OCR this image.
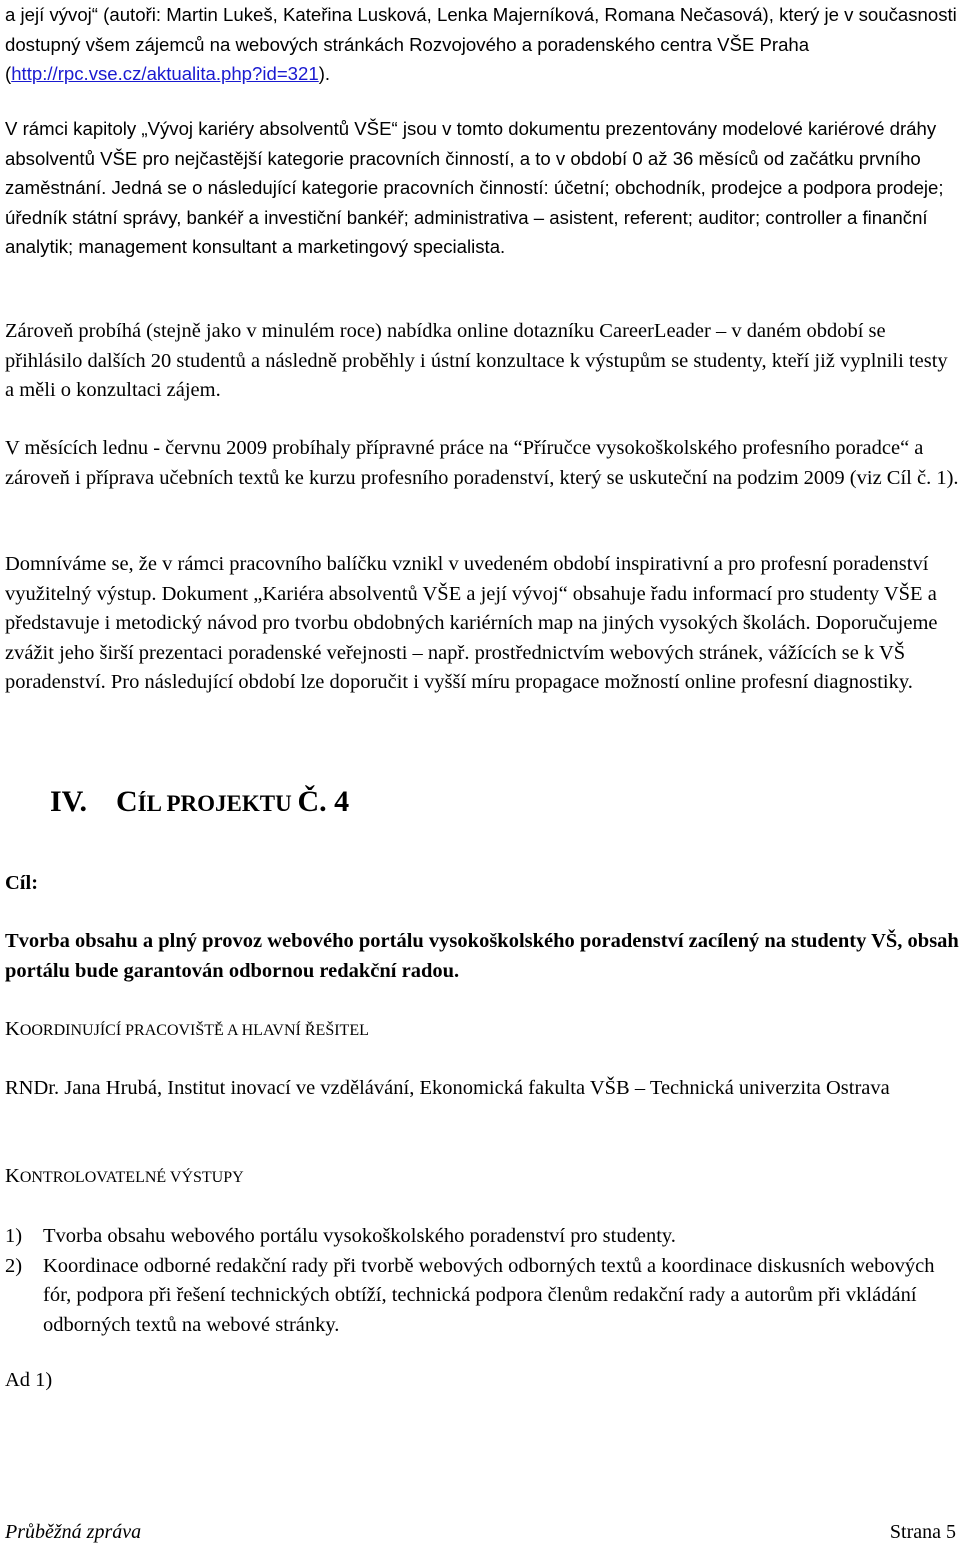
a její vývoj“ (autoři: Martin Lukeš, Kateřina Lusková, Lenka Majerníková, Romana Nečasová), který je v současnosti dostupný všem zájemců na webových stránkách Rozvojového a poradenského centra VŠE Praha (http://rpc.vse.cz/aktualita.php?id=321).

V rámci kapitoly „Vývoj kariéry absolventů VŠE“ jsou v tomto dokumentu prezentovány modelové kariérové dráhy absolventů VŠE pro nejčastější kategorie pracovních činností, a to v období 0 až 36 měsíců od začátku prvního zaměstnání. Jedná se o následující kategorie pracovních činností: účetní; obchodník, prodejce a podpora prodeje; úředník státní správy, bankéř a investiční bankéř; administrativa – asistent, referent; auditor; controller a finanční analytik; management konsultant a marketingový specialista.

Zároveň probíhá (stejně jako v minulém roce) nabídka online dotazníku CareerLeader – v daném období se přihlásilo dalších 20 studentů a následně proběhly i ústní konzultace k výstupům se studenty, kteří již vyplnili testy a měli o konzultaci zájem.

V měsících lednu - červnu 2009 probíhaly přípravné práce na “Příručce vysokoškolského profesního poradce“ a zároveň i příprava učebních textů ke kurzu profesního poradenství, který se uskuteční na podzim 2009 (viz Cíl č. 1).

Domníváme se, že v rámci pracovního balíčku vznikl v uvedeném období inspirativní a pro profesní poradenství využitelný výstup. Dokument „Kariéra absolventů VŠE a její vývoj“ obsahuje řadu informací pro studenty VŠE a představuje i metodický návod pro tvorbu obdobných kariérních map na jiných vysokých školách. Doporučujeme zvážit jeho širší prezentaci poradenské veřejnosti – např. prostřednictvím webových stránek, vážících se k VŠ poradenství. Pro následující období lze doporučit i vyšší míru propagace možností online profesní diagnostiky.

IV. CÍL PROJEKTU Č. 4
Cíl:

Tvorba obsahu a plný provoz webového portálu vysokoškolského poradenství zacílený na studenty VŠ, obsah portálu bude garantován odbornou redakční radou.

KOORDINUJÍCÍ PRACOVIŠTĚ A HLAVNÍ ŘEŠITEL

RNDr. Jana Hrubá, Institut inovací ve vzdělávání, Ekonomická fakulta VŠB – Technická univerzita Ostrava

KONTROLOVATELNÉ VÝSTUPY
1) Tvorba obsahu webového portálu vysokoškolského poradenství pro studenty.
2) Koordinace odborné redakční rady při tvorbě webových odborných textů a koordinace diskusních webových fór, podpora při řešení technických obtíží, technická podpora členům redakční rady a autorům při vkládání odborných textů na webové stránky.
Ad 1)
Průběžná zpráva	Strana 5
